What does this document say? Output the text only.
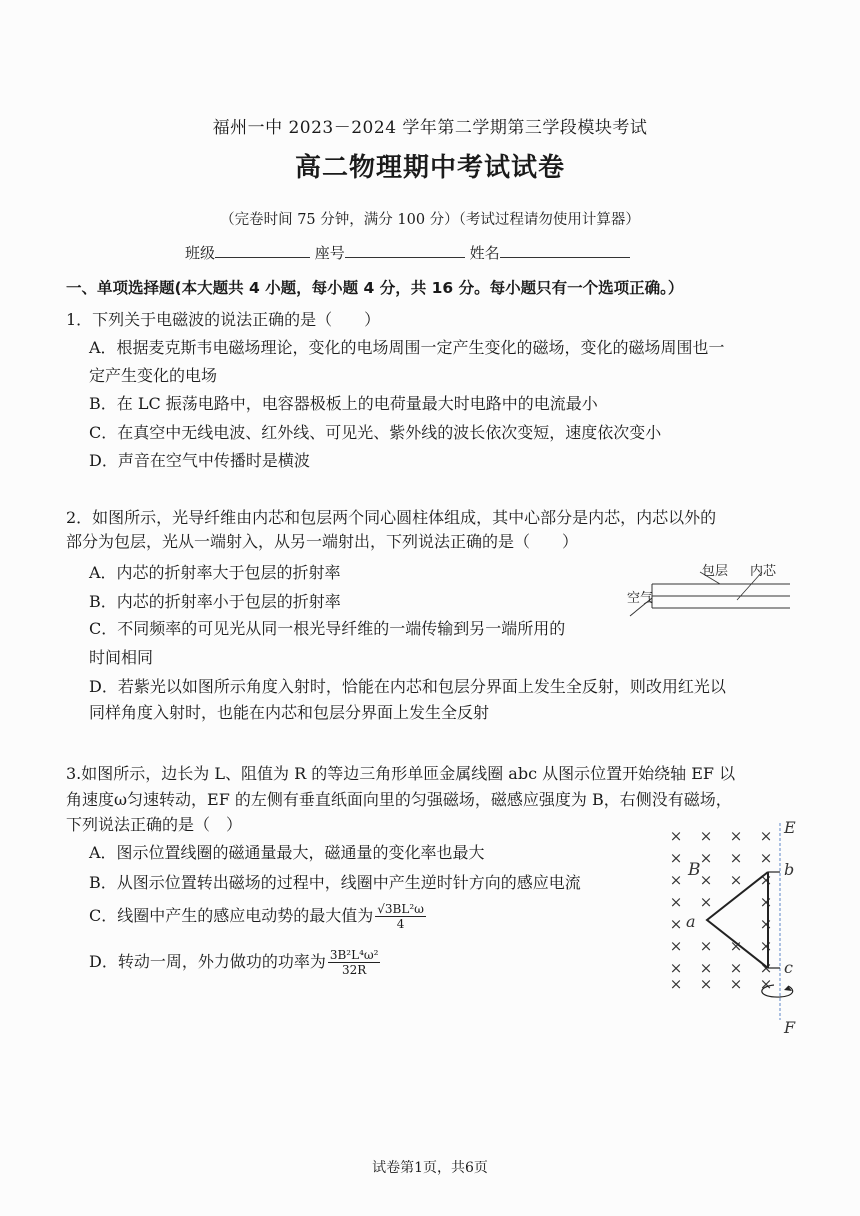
福州一中 2023－2024 学年第二学期第三学段模块考试
高二物理期中考试试卷
（完卷时间 75 分钟，满分 100 分）（考试过程请勿使用计算器）
班级	座号	姓名
一、单项选择题(本大题共 4 小题，每小题 4 分，共 16 分。每小题只有一个选项正确。）
1．下列关于电磁波的说法正确的是（　　）
A．根据麦克斯韦电磁场理论，变化的电场周围一定产生变化的磁场，变化的磁场周围也一
定产生变化的电场
B．在 LC 振荡电路中，电容器极板上的电荷量最大时电路中的电流最小
C．在真空中无线电波、红外线、可见光、紫外线的波长依次变短，速度依次变小
D．声音在空气中传播时是横波
2．如图所示，光导纤维由内芯和包层两个同心圆柱体组成，其中心部分是内芯，内芯以外的
部分为包层，光从一端射入，从另一端射出，下列说法正确的是（　　）
A．内芯的折射率大于包层的折射率
B．内芯的折射率小于包层的折射率
C．不同频率的可见光从同一根光导纤维的一端传输到另一端所用的
时间相同
D．若紫光以如图所示角度入射时，恰能在内芯和包层分界面上发生全反射，则改用红光以
同样角度入射时，也能在内芯和包层分界面上发生全反射
包层 内芯
空气
3.如图所示，边长为 L、阻值为 R 的等边三角形单匝金属线圈 abc 从图示位置开始绕轴 EF 以
角速度ω匀速转动，EF 的左侧有垂直纸面向里的匀强磁场，磁感应强度为 B，右侧没有磁场，
下列说法正确的是（　）
A．图示位置线圈的磁通量最大，磁通量的变化率也最大
B．从图示位置转出磁场的过程中，线圈中产生逆时针方向的感应电流
C．线圈中产生的感应电动势的最大值为 $\frac{\text{√3BL²ω}}{4}$
D．转动一周，外力做功的功率为 $\frac{\text{3B²L⁴ω²}}{32R}$
× × × ×
× × × ×
× × × ×
× ×	×
×	×
× × × ×
× × × ×
× × × ×
E
F
B
a
b
c
试卷第1页，共6页
